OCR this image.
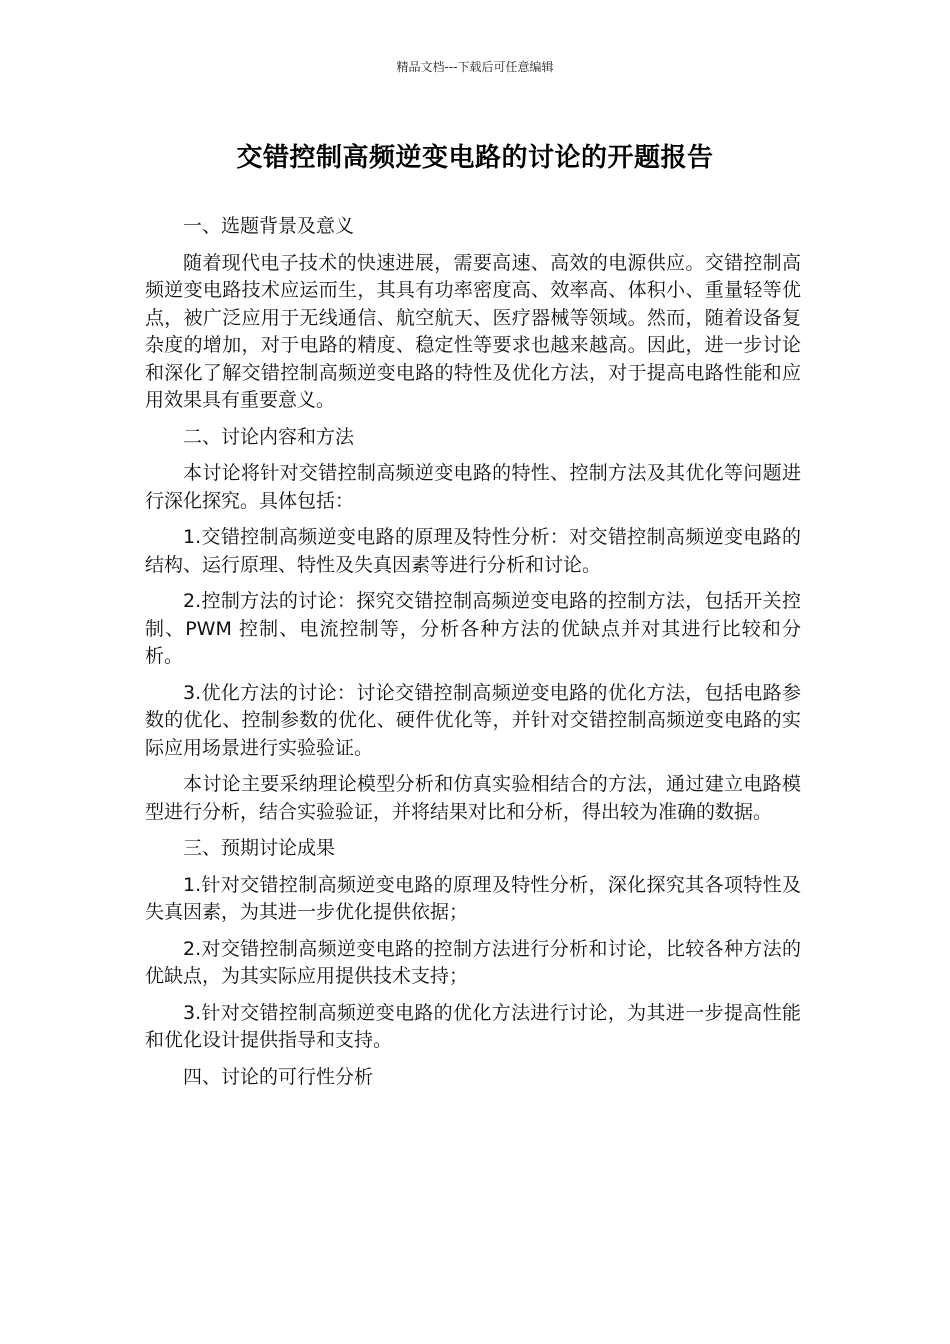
精品文档---下载后可任意编辑
交错控制高频逆变电路的讨论的开题报告
一、选题背景及意义
随着现代电子技术的快速进展，需要高速、高效的电源供应。交错控制高频逆变电路技术应运而生，其具有功率密度高、效率高、体积小、重量轻等优点，被广泛应用于无线通信、航空航天、医疗器械等领域。然而，随着设备复杂度的增加，对于电路的精度、稳定性等要求也越来越高。因此，进一步讨论和深化了解交错控制高频逆变电路的特性及优化方法，对于提高电路性能和应用效果具有重要意义。
二、讨论内容和方法
本讨论将针对交错控制高频逆变电路的特性、控制方法及其优化等问题进行深化探究。具体包括：
1.交错控制高频逆变电路的原理及特性分析：对交错控制高频逆变电路的结构、运行原理、特性及失真因素等进行分析和讨论。
2.控制方法的讨论：探究交错控制高频逆变电路的控制方法，包括开关控制、PWM 控制、电流控制等，分析各种方法的优缺点并对其进行比较和分析。
3.优化方法的讨论：讨论交错控制高频逆变电路的优化方法，包括电路参数的优化、控制参数的优化、硬件优化等，并针对交错控制高频逆变电路的实际应用场景进行实验验证。
本讨论主要采纳理论模型分析和仿真实验相结合的方法，通过建立电路模型进行分析，结合实验验证，并将结果对比和分析，得出较为准确的数据。
三、预期讨论成果
1.针对交错控制高频逆变电路的原理及特性分析，深化探究其各项特性及失真因素，为其进一步优化提供依据；
2.对交错控制高频逆变电路的控制方法进行分析和讨论，比较各种方法的优缺点，为其实际应用提供技术支持；
3.针对交错控制高频逆变电路的优化方法进行讨论，为其进一步提高性能和优化设计提供指导和支持。
四、讨论的可行性分析
